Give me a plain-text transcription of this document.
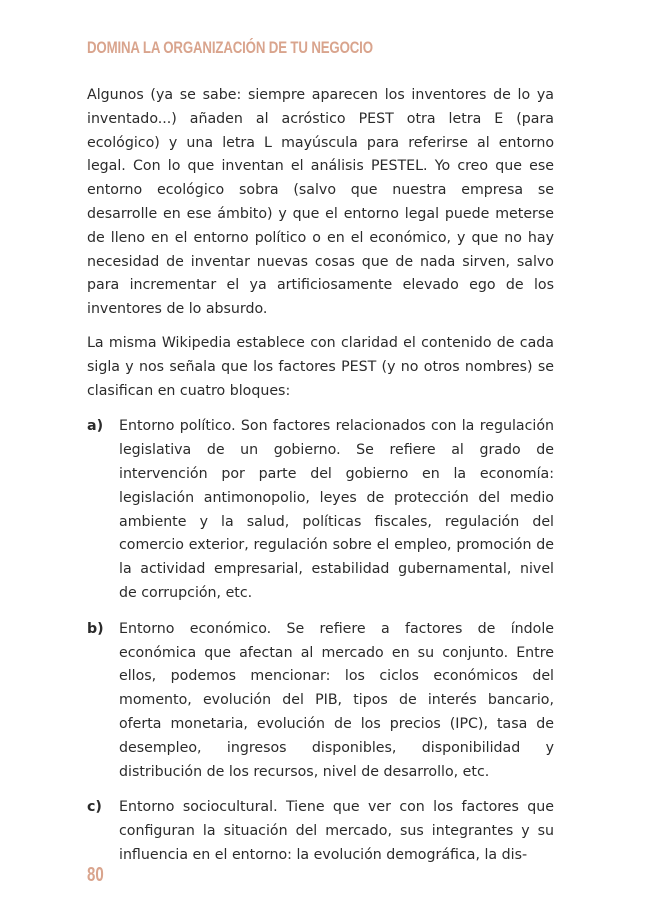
DOMINA LA ORGANIZACIÓN DE TU NEGOCIO

Algunos (ya se sabe: siempre aparecen los inventores de lo ya inventado...) añaden al acróstico PEST otra letra E (para ecológico) y una letra L mayúscula para referirse al entorno legal. Con lo que inventan el análisis PESTEL. Yo creo que ese entorno ecológico sobra (salvo que nuestra empresa se desarrolle en ese ámbito) y que el entorno legal puede meterse de lleno en el entorno político o en el económico, y que no hay necesidad de inventar nuevas cosas que de nada sirven, salvo para incrementar el ya artificiosamente elevado ego de los inventores de lo absurdo.

La misma Wikipedia establece con claridad el contenido de cada sigla y nos señala que los factores PEST (y no otros nombres) se clasifican en cuatro bloques:

a)	Entorno político. Son factores relacionados con la regulación legislativa de un gobierno. Se refiere al grado de intervención por parte del gobierno en la economía: legislación antimonopolio, leyes de protección del medio ambiente y la salud, políticas fiscales, regulación del comercio exterior, regulación sobre el empleo, promoción de la actividad empresarial, estabilidad gubernamental, nivel de corrupción, etc.
b)	Entorno económico. Se refiere a factores de índole económica que afectan al mercado en su conjunto. Entre ellos, podemos mencionar: los ciclos económicos del momento, evolución del PIB, tipos de interés bancario, oferta monetaria, evolución de los precios (IPC), tasa de desempleo, ingresos disponibles, disponibilidad y distribución de los recursos, nivel de desarrollo, etc.
c)	Entorno sociocultural. Tiene que ver con los factores que configuran la situación del mercado, sus integrantes y su influencia en el entorno: la evolución demográfica, la dis-
80
